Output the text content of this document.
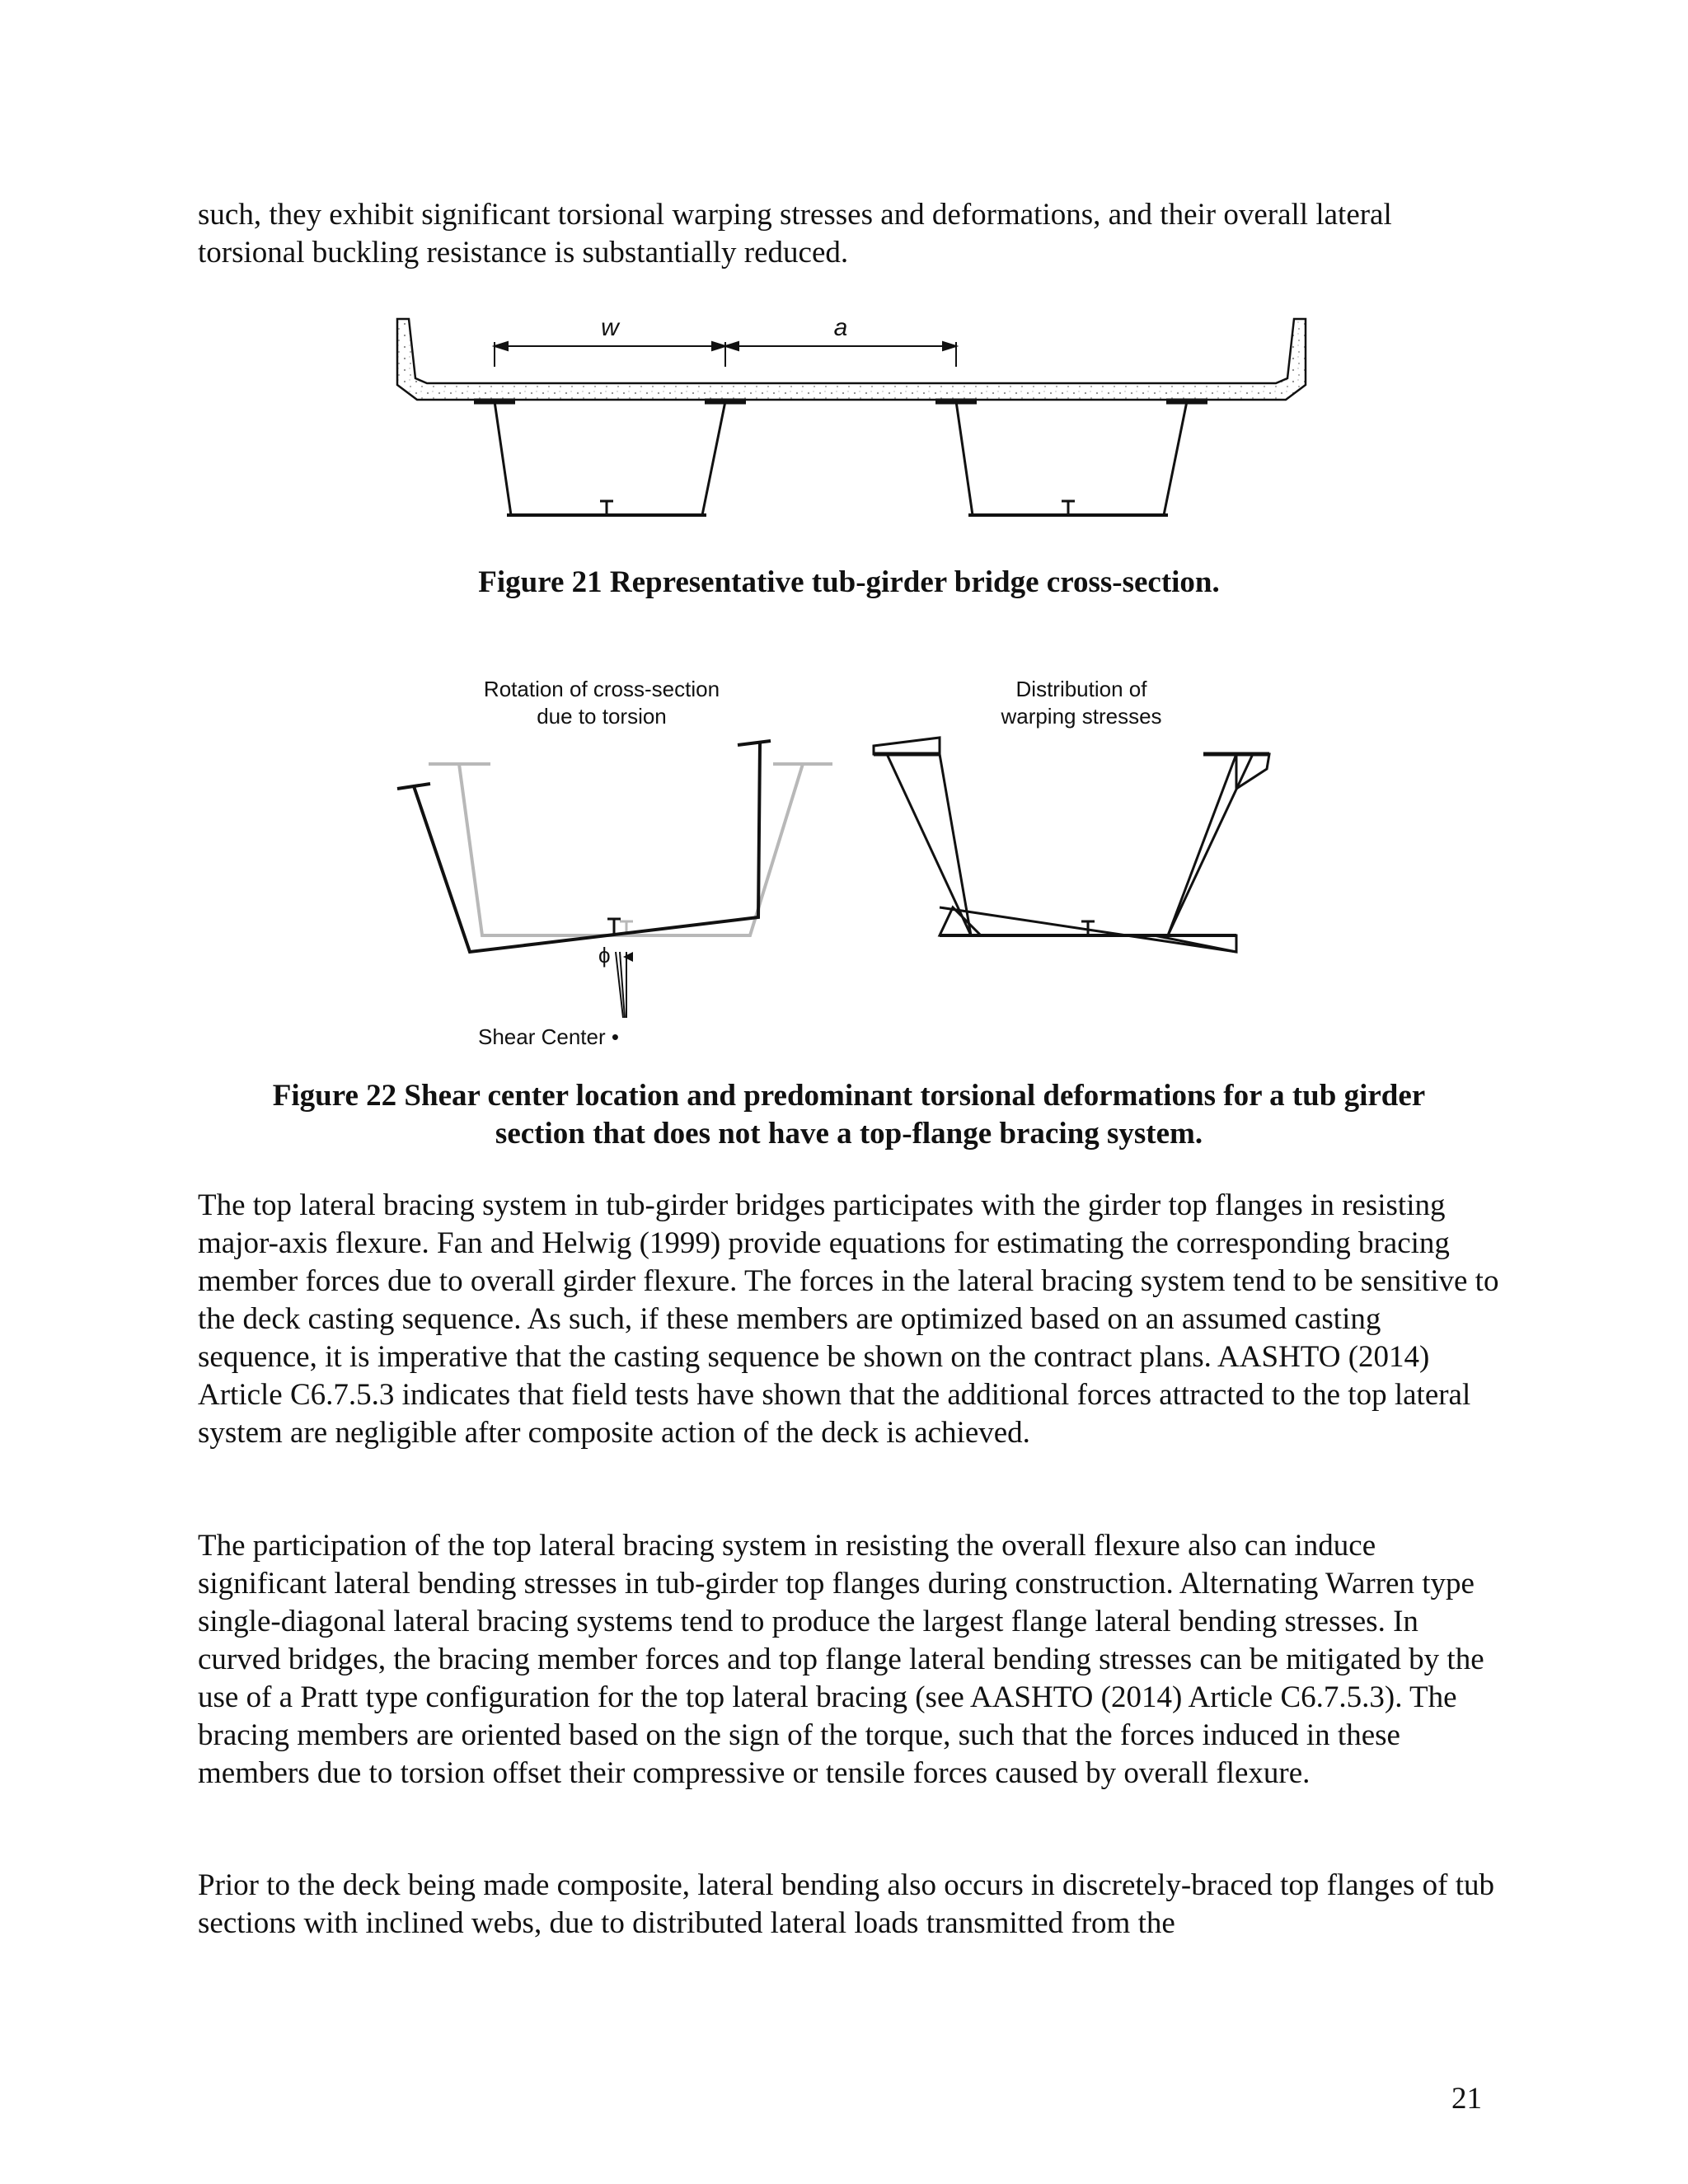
such, they exhibit significant torsional warping stresses and deformations, and their overall lateral torsional buckling resistance is substantially reduced.

w	a

Figure 21 Representative tub-girder bridge cross-section.

Rotation of cross-section
due to torsion
Distribution of
warping stresses
ϕ
Shear Center •

Figure 22 Shear center location and predominant torsional deformations for a tub girder

section that does not have a top-flange bracing system.

The top lateral bracing system in tub-girder bridges participates with the girder top flanges in resisting major-axis flexure. Fan and Helwig (1999) provide equations for estimating the corresponding bracing member forces due to overall girder flexure. The forces in the lateral bracing system tend to be sensitive to the deck casting sequence. As such, if these members are optimized based on an assumed casting sequence, it is imperative that the casting sequence be shown on the contract plans. AASHTO (2014) Article C6.7.5.3 indicates that field tests have shown that the additional forces attracted to the top lateral system are negligible after composite action of the deck is achieved.

The participation of the top lateral bracing system in resisting the overall flexure also can induce significant lateral bending stresses in tub-girder top flanges during construction. Alternating Warren type single-diagonal lateral bracing systems tend to produce the largest flange lateral bending stresses. In curved bridges, the bracing member forces and top flange lateral bending stresses can be mitigated by the use of a Pratt type configuration for the top lateral bracing (see AASHTO (2014) Article C6.7.5.3). The bracing members are oriented based on the sign of the torque, such that the forces induced in these members due to torsion offset their compressive or tensile forces caused by overall flexure.

Prior to the deck being made composite, lateral bending also occurs in discretely-braced top flanges of tub sections with inclined webs, due to distributed lateral loads transmitted from the

21
